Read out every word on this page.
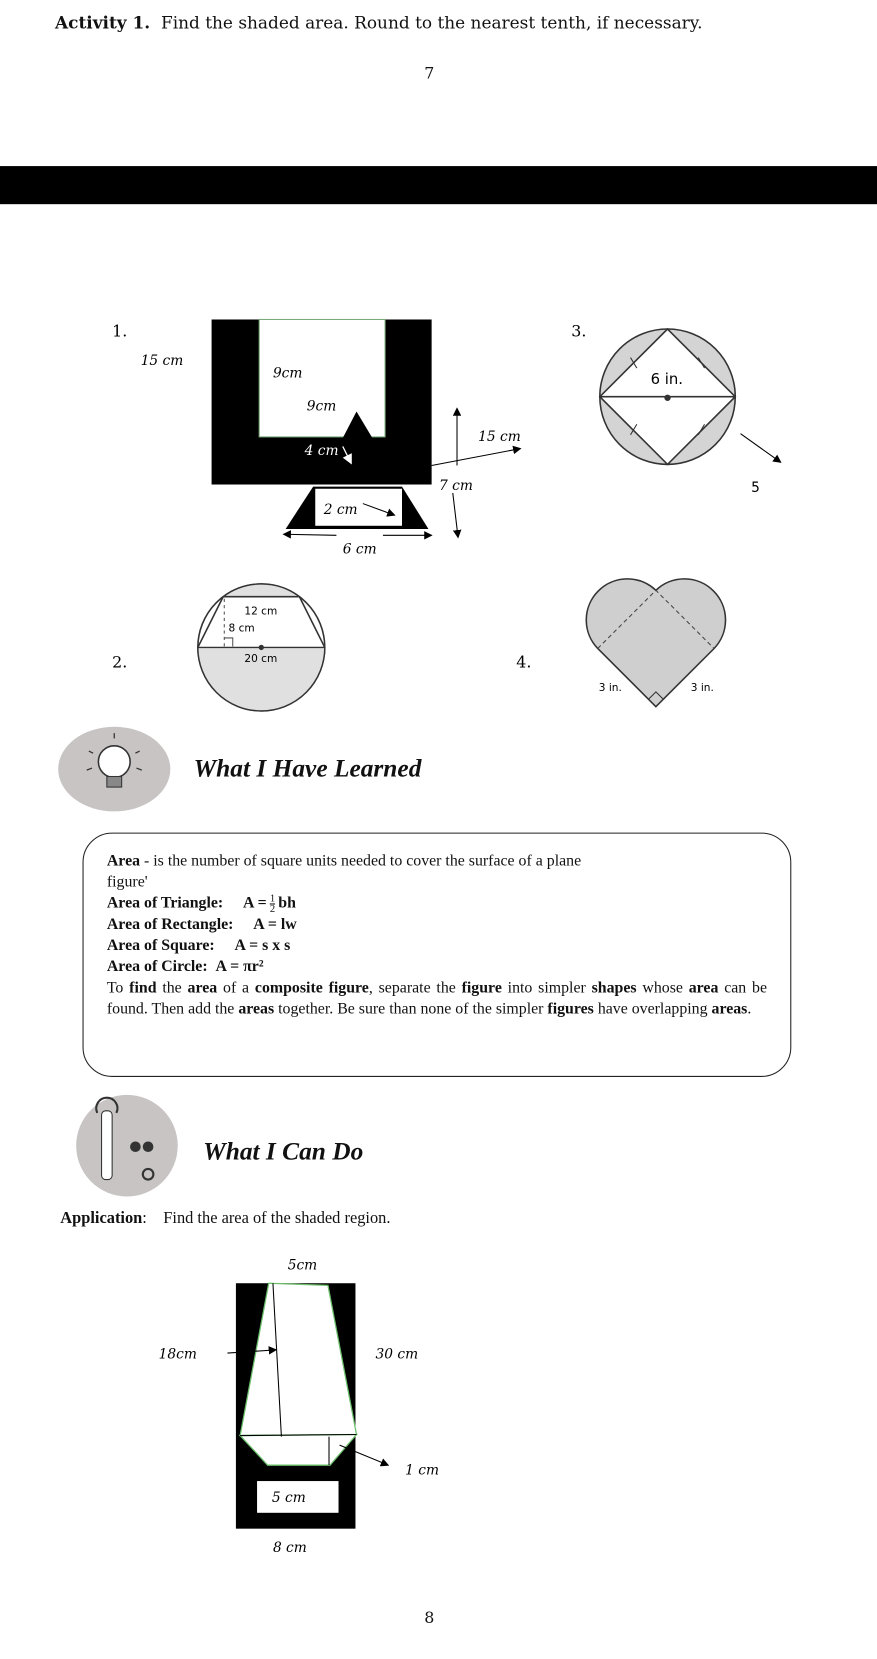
Activity 1. Find the shaded area. Round to the nearest tenth, if necessary.
7
1.
15 cm
9cm
9cm
4 cm
2 cm
6 cm
7 cm
15 cm
3.
6 in.
5
2.
12 cm
8 cm
20 cm	4.
3 in.	3 in.
5cm
18cm	30 cm
1 cm
5 cm
8 cm
What I Have Learned
Area - is the number of square units needed to cover the surface of a plane
figure'
Area of Triangle: $A = \frac{1}{2}$ bh
Area of Rectangle: A = lw
Area of Square: A = s x s
Area of Circle: A = πr²
To find the area of a composite figure, separate the figure into simpler shapes whose area can be found. Then add the areas together. Be sure than none of the simpler figures have overlapping areas.
What I Can Do
Application: Find the area of the shaded region.
8
